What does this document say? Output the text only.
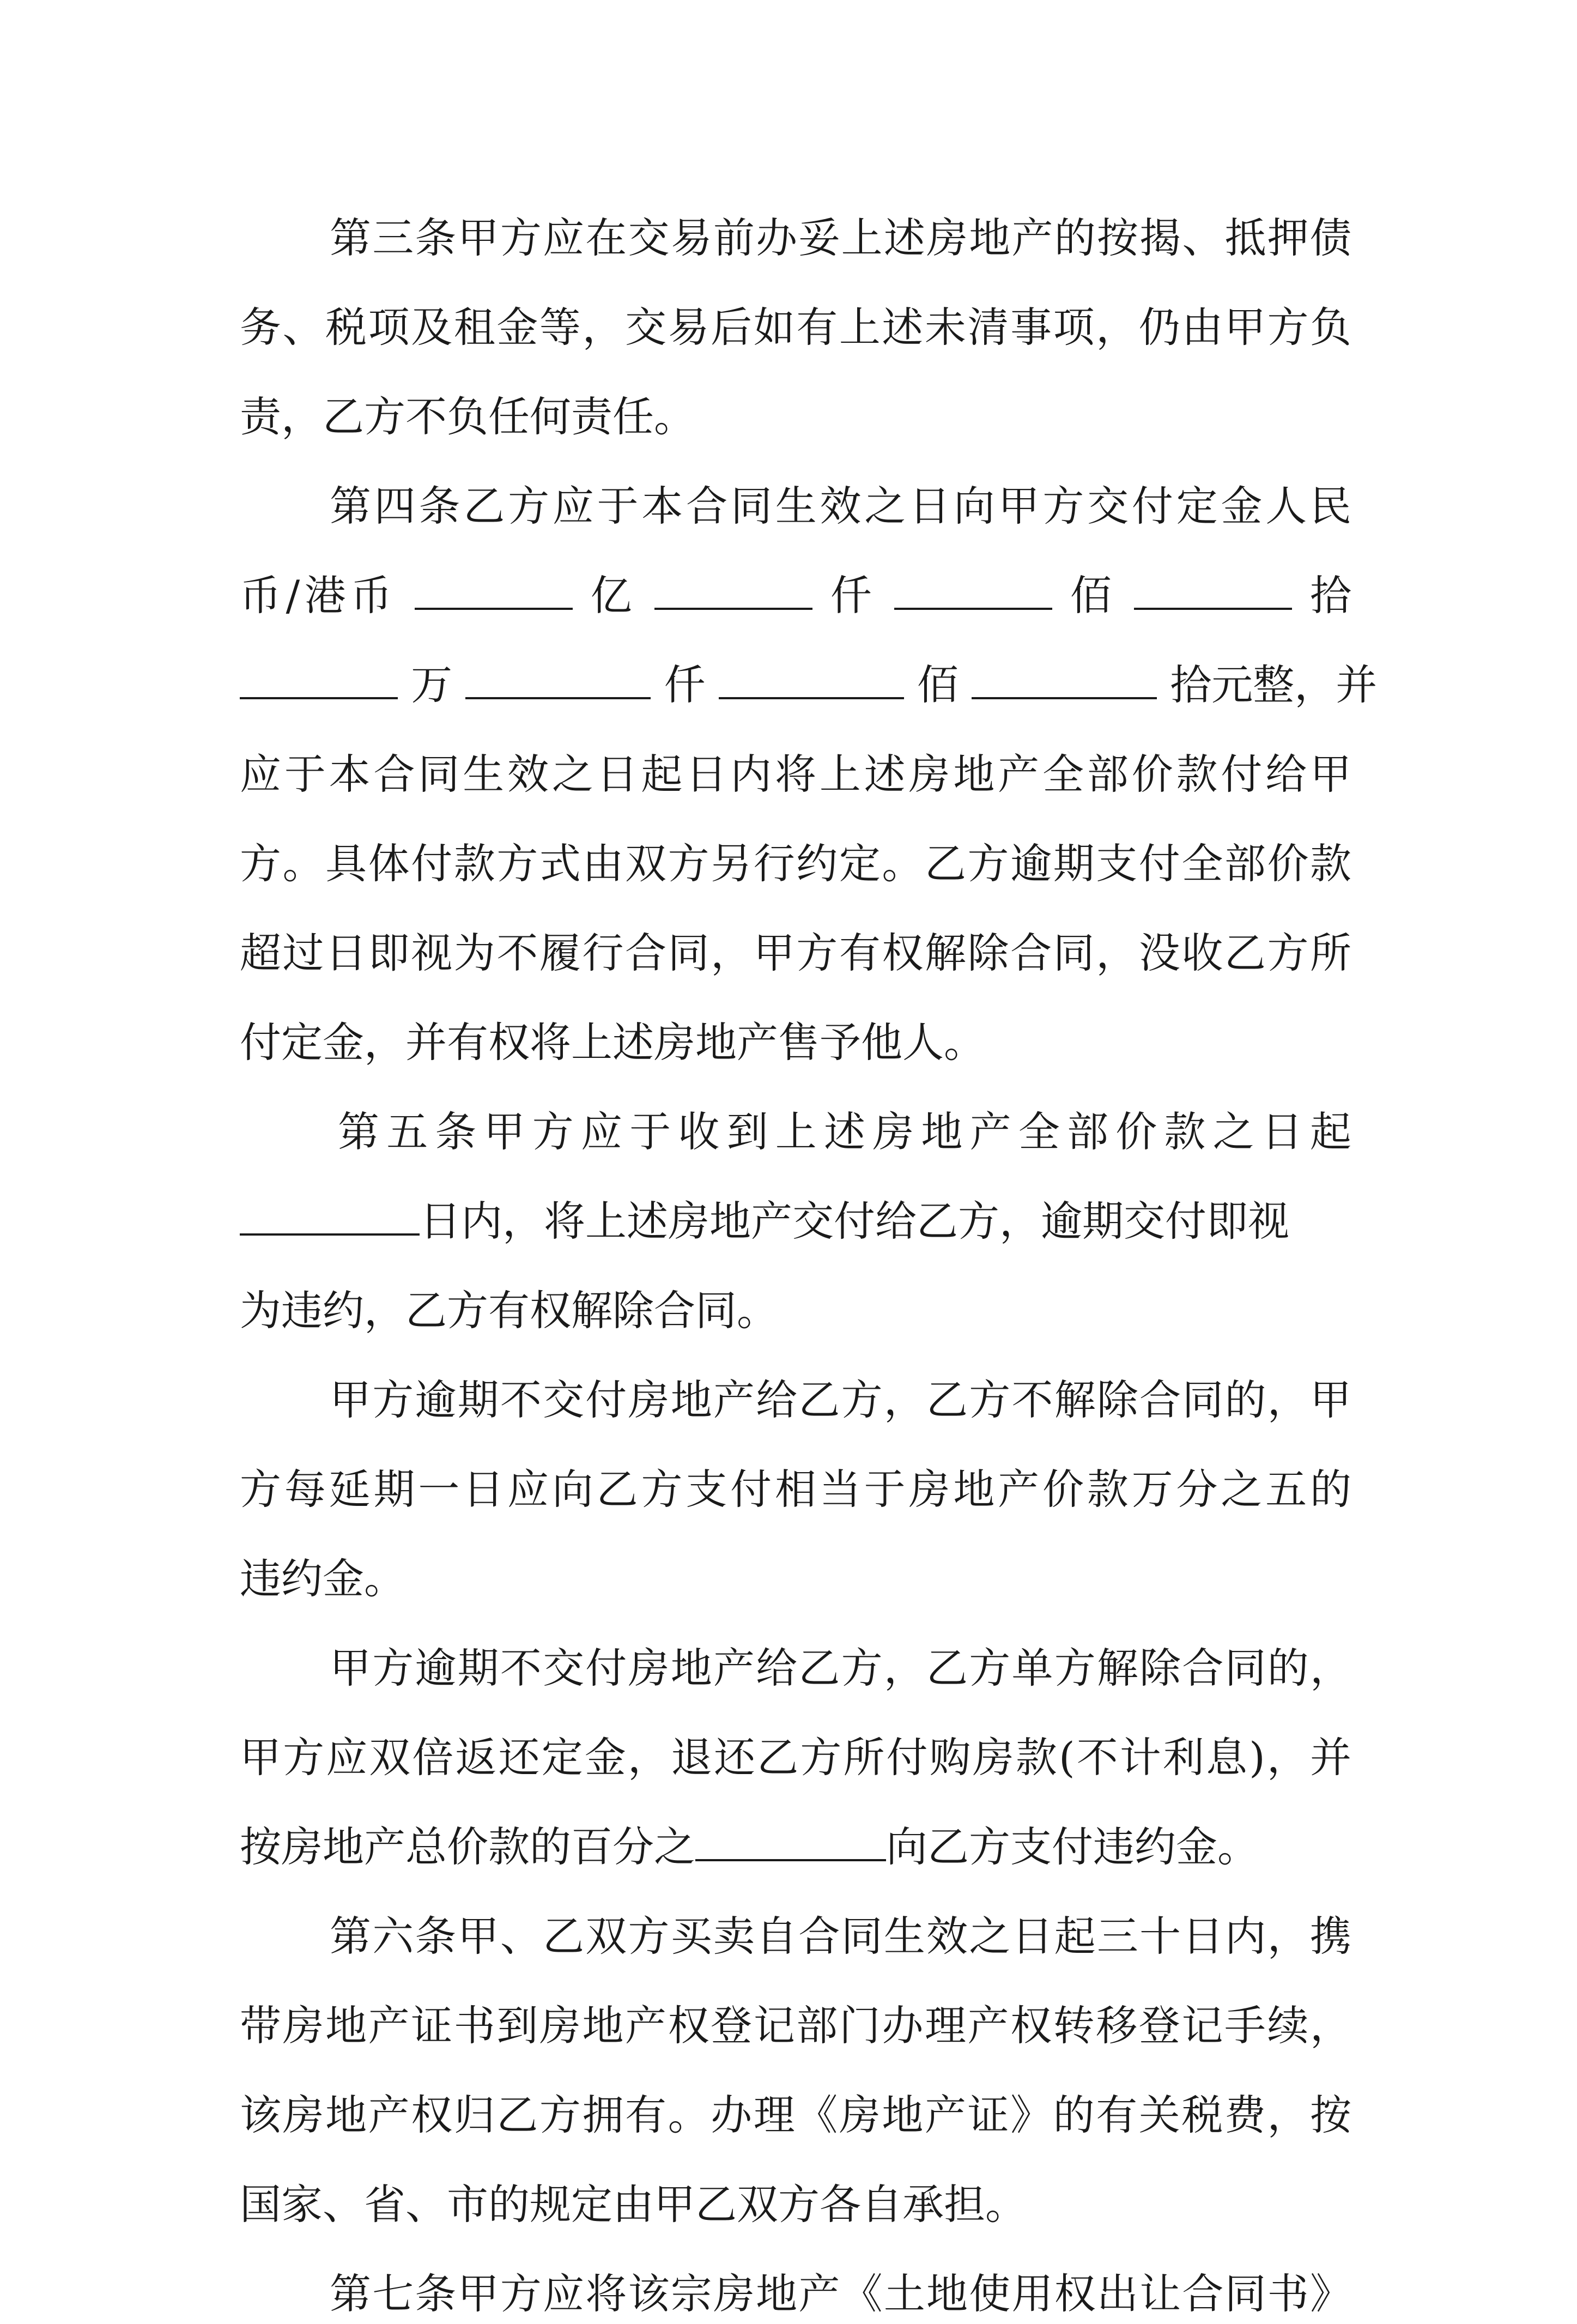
第三条甲方应在交易前办妥上述房地产的按揭、抵押债
务、税项及租金等，交易后如有上述未清事项，仍由甲方负
责，乙方不负任何责任。
第四条乙方应于本合同生效之日向甲方交付定金人民
币/港币	亿	仟	佰	拾
万	仟	佰	拾元整，并
应于本合同生效之日起日内将上述房地产全部价款付给甲
方。具体付款方式由双方另行约定。乙方逾期支付全部价款
超过日即视为不履行合同，甲方有权解除合同，没收乙方所
付定金，并有权将上述房地产售予他人。
第五条甲方应于收到上述房地产全部价款之日起
日内，将上述房地产交付给乙方，逾期交付即视
为违约，乙方有权解除合同。
甲方逾期不交付房地产给乙方，乙方不解除合同的，甲
方每延期一日应向乙方支付相当于房地产价款万分之五的
违约金。
甲方逾期不交付房地产给乙方，乙方单方解除合同的，
甲方应双倍返还定金，退还乙方所付购房款(不计利息)，并
按房地产总价款的百分之	向乙方支付违约金。
第六条甲、乙双方买卖自合同生效之日起三十日内，携
带房地产证书到房地产权登记部门办理产权转移登记手续，
该房地产权归乙方拥有。办理《房地产证》的有关税费，按
国家、省、市的规定由甲乙双方各自承担。
第七条甲方应将该宗房地产《土地使用权出让合同书》
